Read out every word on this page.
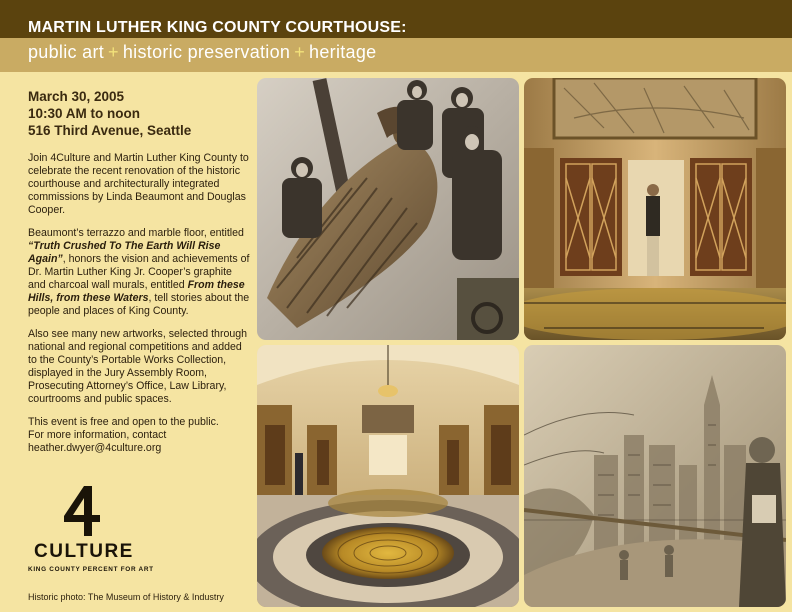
MARTIN LUTHER KING COUNTY COURTHOUSE:
public art + historic preservation + heritage
March 30, 2005
10:30 AM to noon
516 Third Avenue, Seattle

Join 4Culture and Martin Luther King County to celebrate the recent renovation of the historic courthouse and architecturally integrated commissions by Linda Beaumont and Douglas Cooper.

Beaumont’s terrazzo and marble floor, entitled “Truth Crushed To The Earth Will Rise Again”, honors the vision and achievements of Dr. Martin Luther King Jr. Cooper’s graphite and charcoal wall murals, entitled From these Hills, from these Waters, tell stories about the people and places of King County.

Also see many new artworks, selected through national and regional competitions and added to the County’s Portable Works Collection, displayed in the Jury Assembly Room, Prosecuting Attorney’s Office, Law Library, courtrooms and public spaces.

This event is free and open to the public.
For more information, contact
heather.dwyer@4culture.org

CULTURE
KING COUNTY PERCENT FOR ART
Historic photo: The Museum of History & Industry
